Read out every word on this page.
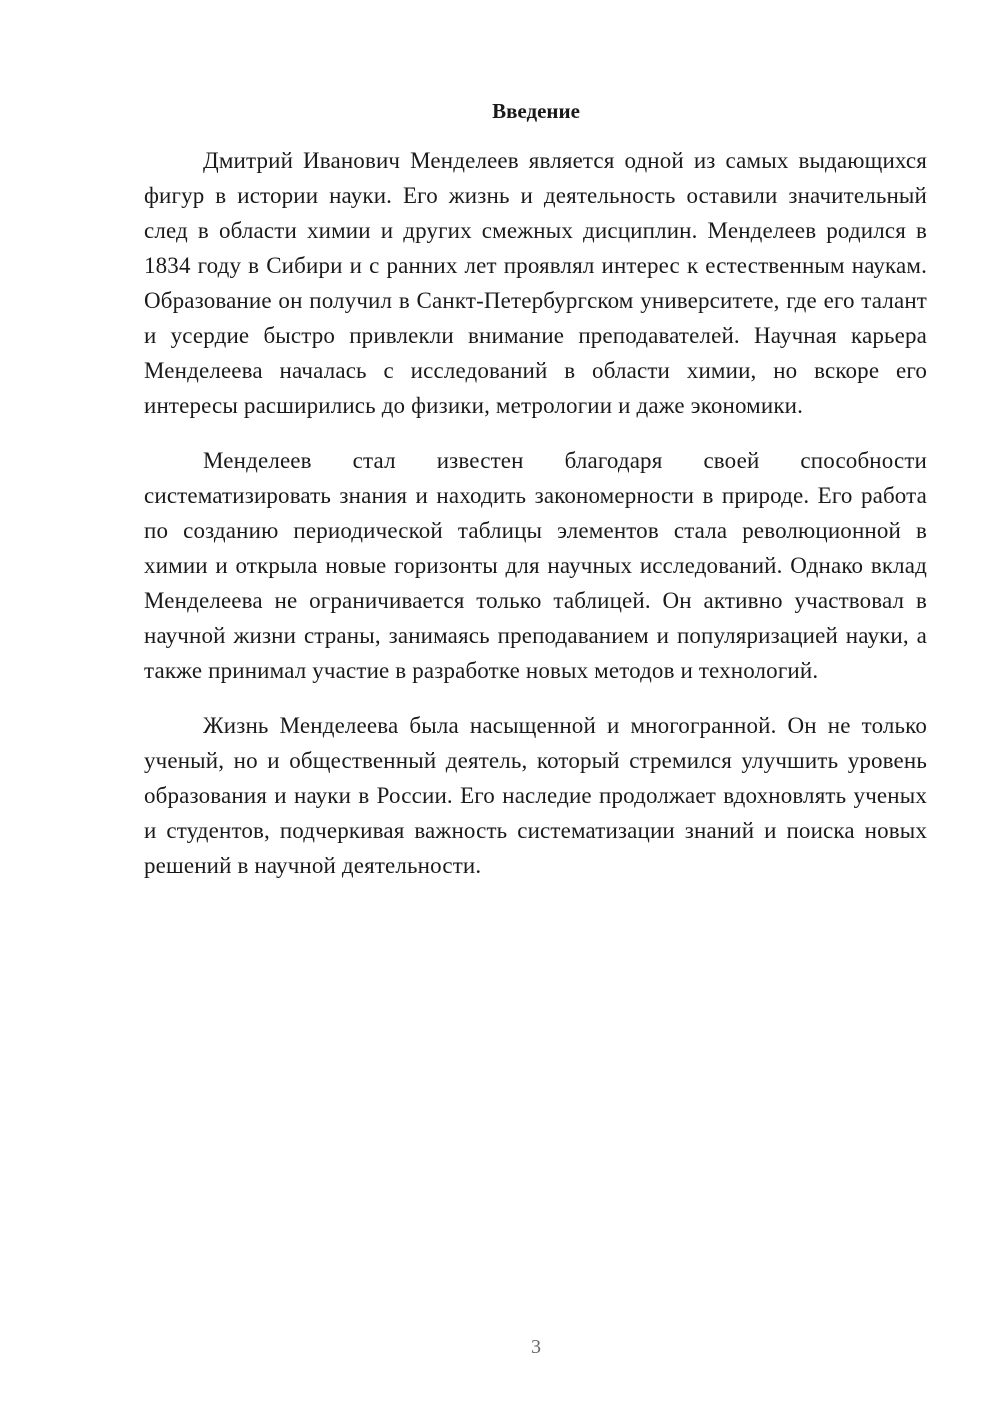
Введение

Дмитрий Иванович Менделеев является одной из самых выдающихся фигур в истории науки. Его жизнь и деятельность оставили значительный след в области химии и других смежных дисциплин. Менделеев родился в 1834 году в Сибири и с ранних лет проявлял интерес к естественным наукам. Образование он получил в Санкт-Петербургском университете, где его талант и усердие быстро привлекли внимание преподавателей. Научная карьера Менделеева началась с исследований в области химии, но вскоре его интересы расширились до физики, метрологии и даже экономики.

Менделеев стал известен благодаря своей способности систематизировать знания и находить закономерности в природе. Его работа по созданию периодической таблицы элементов стала революционной в химии и открыла новые горизонты для научных исследований. Однако вклад Менделеева не ограничивается только таблицей. Он активно участвовал в научной жизни страны, занимаясь преподаванием и популяризацией науки, а также принимал участие в разработке новых методов и технологий.

Жизнь Менделеева была насыщенной и многогранной. Он не только ученый, но и общественный деятель, который стремился улучшить уровень образования и науки в России. Его наследие продолжает вдохновлять ученых и студентов, подчеркивая важность систематизации знаний и поиска новых решений в научной деятельности.

3
